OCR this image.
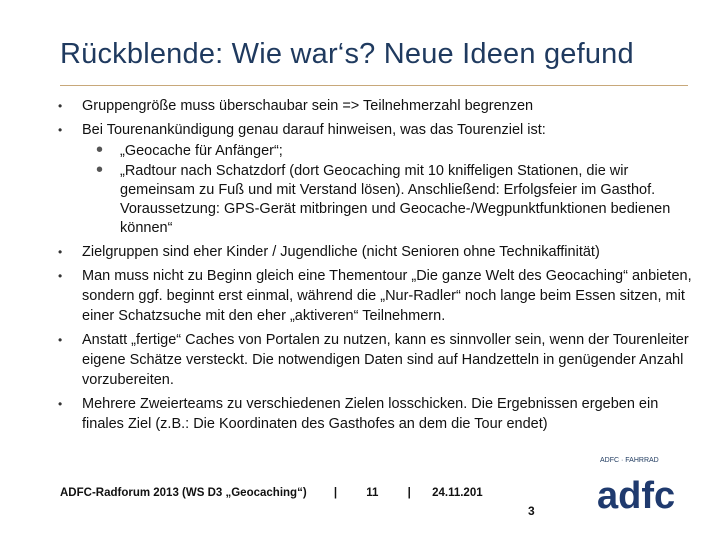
Rückblende: Wie war‘s? Neue Ideen gefund
• Gruppengröße muss überschaubar sein => Teilnehmerzahl begrenzen
• Bei Tourenankündigung genau darauf hinweisen, was das Tourenziel ist:
• „Geocache für Anfänger“;
• „Radtour nach Schatzdorf (dort Geocaching mit 10 kniffeligen Stationen, die wir gemeinsam zu Fuß und mit Verstand lösen). Anschließend: Erfolgsfeier im Gasthof. Voraussetzung: GPS-Gerät mitbringen und Geocache-/Wegpunktfunktionen bedienen können“
• Zielgruppen sind eher Kinder / Jugendliche (nicht Senioren ohne Technikaffinität)
• Man muss nicht zu Beginn gleich eine Thementour „Die ganze Welt des Geocaching“ anbieten, sondern ggf. beginnt erst einmal, während die „Nur-Radler“ noch lange beim Essen sitzen, mit einer Schatzsuche mit den eher „aktiveren“ Teilnehmern.
• Anstatt „fertige“ Caches von Portalen zu nutzen, kann es sinnvoller sein, wenn der Tourenleiter eigene Schätze versteckt. Die notwendigen Daten sind auf Handzetteln in genügender Anzahl vorzubereiten.
• Mehrere Zweierteams zu verschiedenen Zielen losschicken. Die Ergebnissen ergeben ein finales Ziel (z.B.: Die Koordinaten des Gasthofes an dem die Tour endet)
ADFC-Radforum 2013 (WS D3 „Geocaching“) |	11	| 24.11.201
3
ADFC · FAHRRAD
adfc
